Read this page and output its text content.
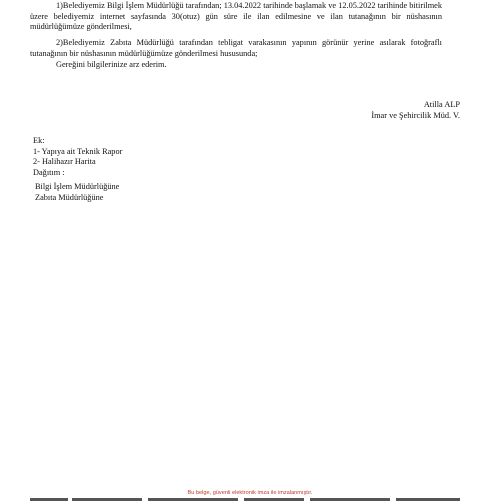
1)Belediyemiz Bilgi İşlem Müdürlüğü tarafından; 13.04.2022 tarihinde başlamak ve 12.05.2022 tarihinde bitirilmek üzere belediyemiz internet sayfasında 30(otuz) gün süre ile ilan edilmesine ve ilan tutanağının bir nüshasının müdürlüğümüze gönderilmesi,

2)Belediyemiz Zabıta Müdürlüğü tarafından tebligat varakasının yapının görünür yerine asılarak fotoğraflı tutanağının bir nüshasının müdürlüğümüze gönderilmesi hususunda;

Gereğini bilgilerinize arz ederim.

Atilla ALP
İmar ve Şehircilik Müd. V.
Ek:
1- Yapıya ait Teknik Rapor
2- Halihazır Harita
Dağıtım :
Bilgi İşlem Müdürlüğüne
Zabıta Müdürlüğüne
Bu belge, güvenli elektronik imza ile imzalanmıştır.
